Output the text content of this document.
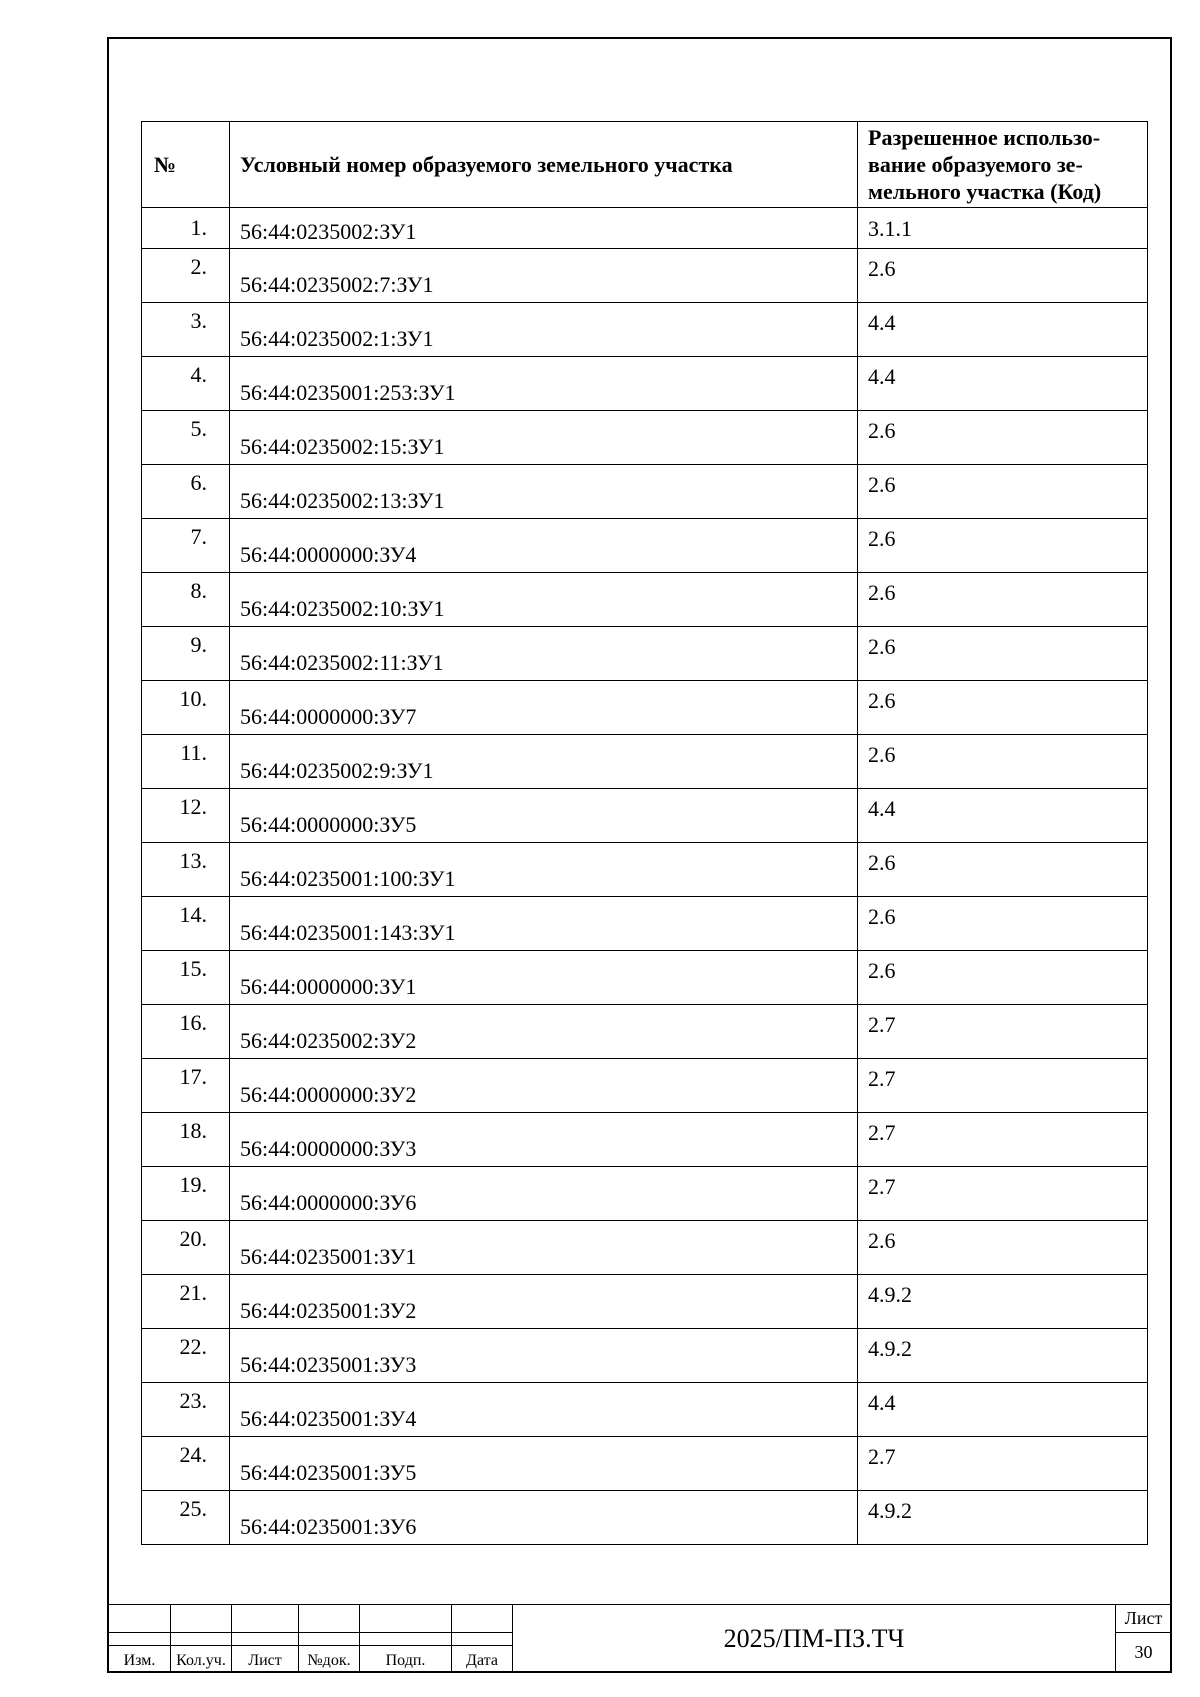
№	Условный номер образуемого земельного участка	Разрешенное использо-вание образуемого зе-мельного участка (Код)

1.	56:44:0235002:ЗУ1	3.1.1

2.	56:44:0235002:7:ЗУ1	2.6

3.	56:44:0235002:1:ЗУ1	4.4

4.	56:44:0235001:253:ЗУ1	4.4

5.	56:44:0235002:15:ЗУ1	2.6

6.	56:44:0235002:13:ЗУ1	2.6

7.	56:44:0000000:ЗУ4	2.6

8.	56:44:0235002:10:ЗУ1	2.6

9.	56:44:0235002:11:ЗУ1	2.6

10.	56:44:0000000:ЗУ7	2.6

11.	56:44:0235002:9:ЗУ1	2.6

12.	56:44:0000000:ЗУ5	4.4

13.	56:44:0235001:100:ЗУ1	2.6

14.	56:44:0235001:143:ЗУ1	2.6

15.	56:44:0000000:ЗУ1	2.6

16.	56:44:0235002:ЗУ2	2.7

17.	56:44:0000000:ЗУ2	2.7

18.	56:44:0000000:ЗУ3	2.7

19.	56:44:0000000:ЗУ6	2.7

20.	56:44:0235001:ЗУ1	2.6

21.	56:44:0235001:ЗУ2	4.9.2

22.	56:44:0235001:ЗУ3	4.9.2

23.	56:44:0235001:ЗУ4	4.4

24.	56:44:0235001:ЗУ5	2.7

25.	56:44:0235001:ЗУ6	4.9.2
						2025/ПМ-ПЗ.ТЧ	Лист
							30
Изм.	Кол.уч.	Лист	№док.	Подп.	Дата		
